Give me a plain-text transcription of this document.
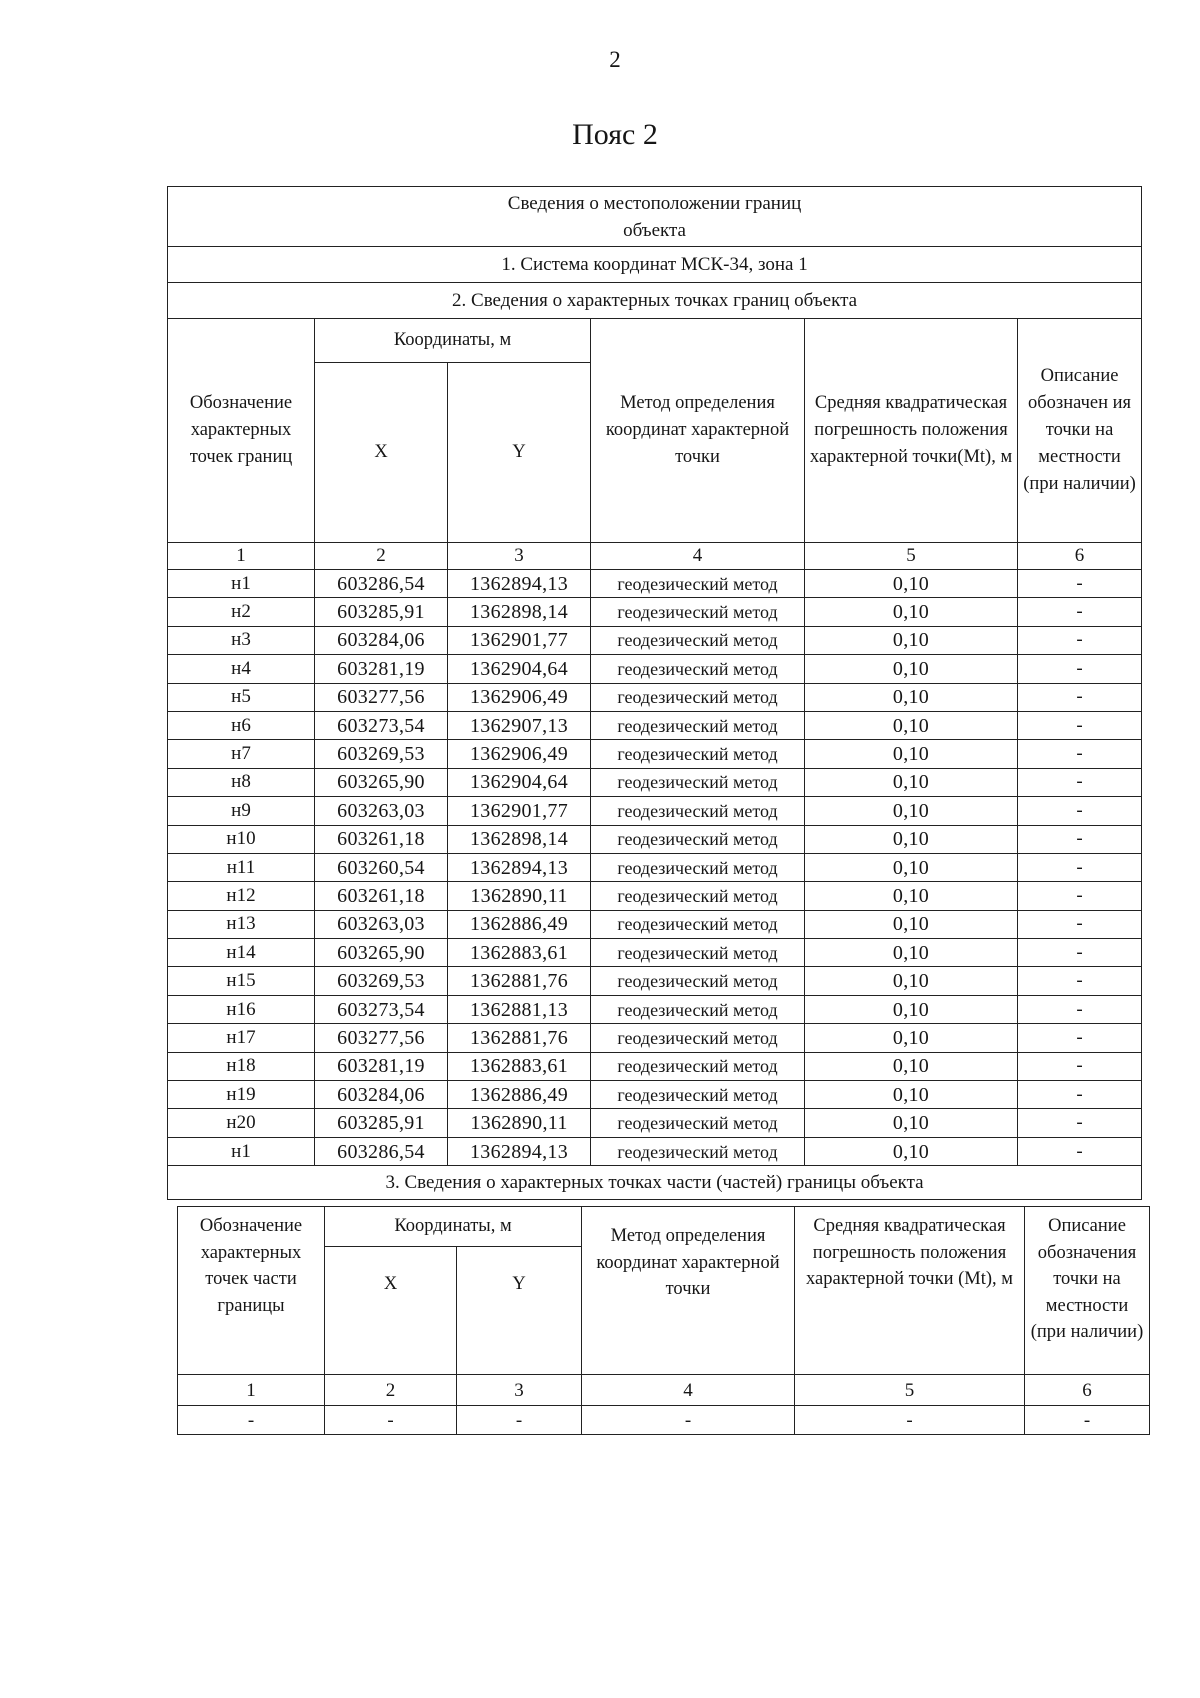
2
Пояс 2
Сведения о местоположении границ
объекта					

1. Система координат МСК-34, зона 1					
2. Сведения о характерных точках границ объекта					
Обозначение характерных точек границ	Координаты, м		Метод определения координат характерной точки	Средняя квадратическая погрешность положения характерной точки(Mt), м	Описание обозначен ия точки на местности (при наличии)
	X	Y			
1	2	3	4	5	6
н1	603286,54	1362894,13	геодезический метод	0,10	-
н2	603285,91	1362898,14	геодезический метод	0,10	-
н3	603284,06	1362901,77	геодезический метод	0,10	-
н4	603281,19	1362904,64	геодезический метод	0,10	-
н5	603277,56	1362906,49	геодезический метод	0,10	-
н6	603273,54	1362907,13	геодезический метод	0,10	-
н7	603269,53	1362906,49	геодезический метод	0,10	-
н8	603265,90	1362904,64	геодезический метод	0,10	-
н9	603263,03	1362901,77	геодезический метод	0,10	-
н10	603261,18	1362898,14	геодезический метод	0,10	-
н11	603260,54	1362894,13	геодезический метод	0,10	-
н12	603261,18	1362890,11	геодезический метод	0,10	-
н13	603263,03	1362886,49	геодезический метод	0,10	-
н14	603265,90	1362883,61	геодезический метод	0,10	-
н15	603269,53	1362881,76	геодезический метод	0,10	-
н16	603273,54	1362881,13	геодезический метод	0,10	-
н17	603277,56	1362881,76	геодезический метод	0,10	-
н18	603281,19	1362883,61	геодезический метод	0,10	-
н19	603284,06	1362886,49	геодезический метод	0,10	-
н20	603285,91	1362890,11	геодезический метод	0,10	-
н1	603286,54	1362894,13	геодезический метод	0,10	-
3. Сведения о характерных точках части (частей) границы объекта					
Обозначение характерных точек части границы	Координаты, м		Метод определения координат характерной точки	Средняя квадратическая погрешность положения характерной точки (Mt), м	Описание обозначения точки на местности (при наличии)
	X	Y			
1	2	3	4	5	6
-	-	-	-	-	-
